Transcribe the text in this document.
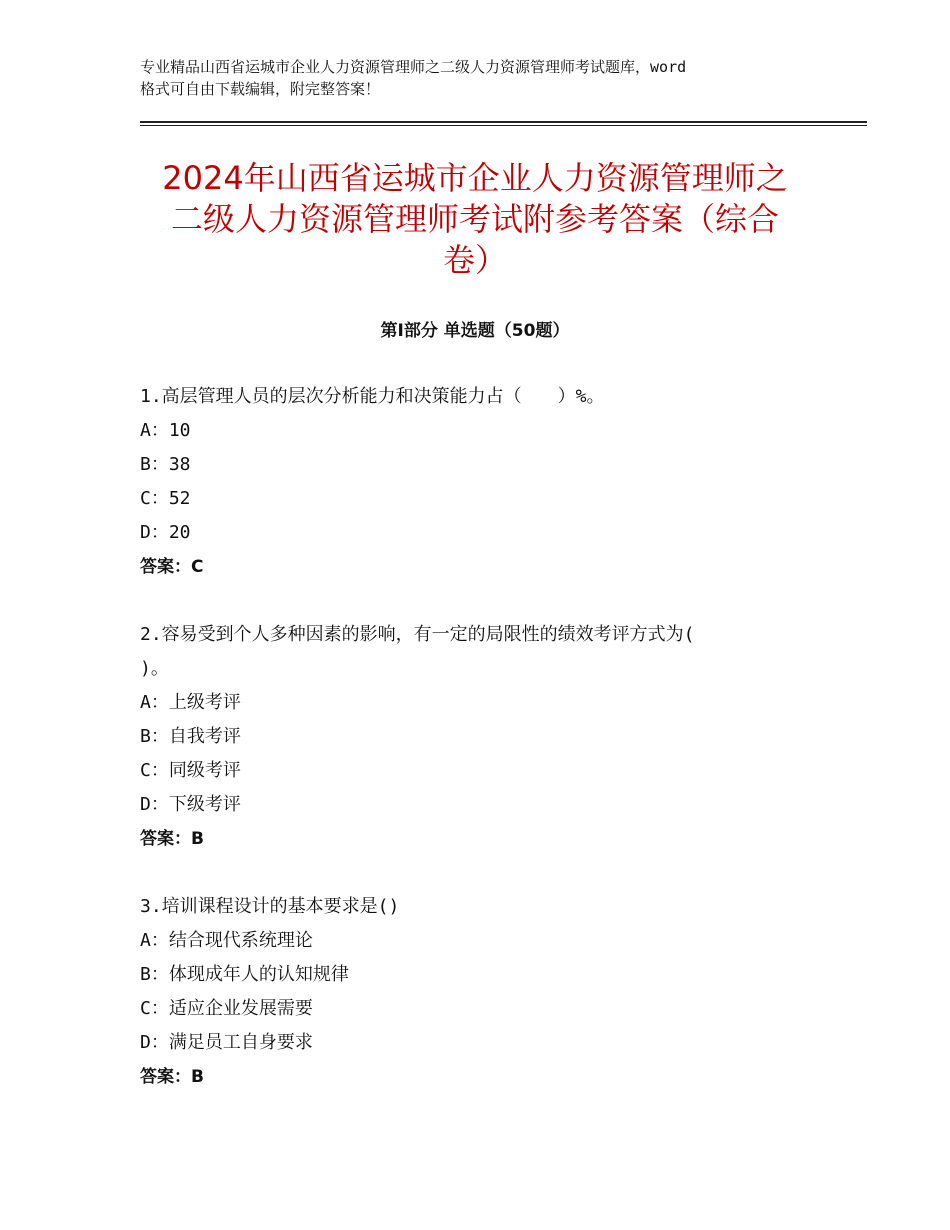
专业精品山西省运城市企业人力资源管理师之二级人力资源管理师考试题库，word
格式可自由下载编辑，附完整答案！
2024年山西省运城市企业人力资源管理师之
二级人力资源管理师考试附参考答案（综合
卷）
第Ⅰ部分 单选题（50题）
1.高层管理人员的层次分析能力和决策能力占（　　）%。
A：10
B：38
C：52
D：20
答案：C
2.容易受到个人多种因素的影响，有一定的局限性的绩效考评方式为(
)。
A：上级考评
B：自我考评
C：同级考评
D：下级考评
答案：B
3.培训课程设计的基本要求是()
A：结合现代系统理论
B：体现成年人的认知规律
C：适应企业发展需要
D：满足员工自身要求
答案：B
